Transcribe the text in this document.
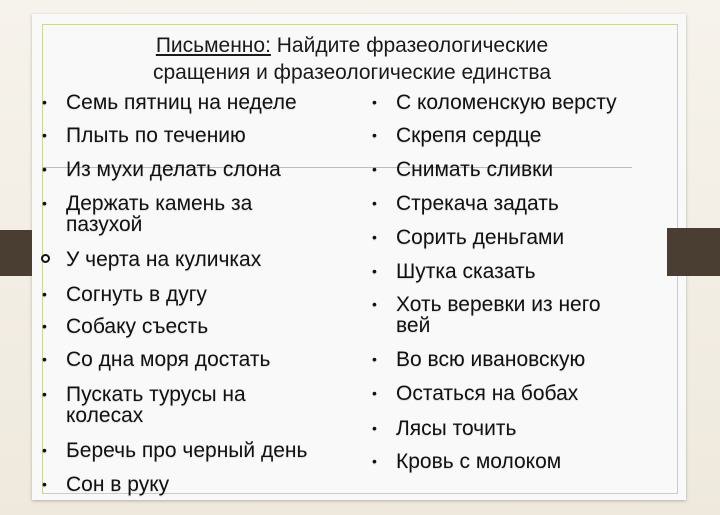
Письменно: Найдите фразеологические
сращения и фразеологические единства
• Семь пятниц на неделе
• Плыть по течению
• Из мухи делать слона
• Держать камень за
пазухой
У черта на куличках
• Согнуть в дугу
• Собаку съесть
• Со дна моря достать
• Пускать турусы на
колесах
• Беречь про черный день
• Сон в руку
• С коломенскую версту
• Скрепя сердце
• Снимать сливки
• Стрекача задать
• Сорить деньгами
• Шутка сказать
• Хоть веревки из него
вей
• Во всю ивановскую
• Остаться на бобах
• Лясы точить
• Кровь с молоком
